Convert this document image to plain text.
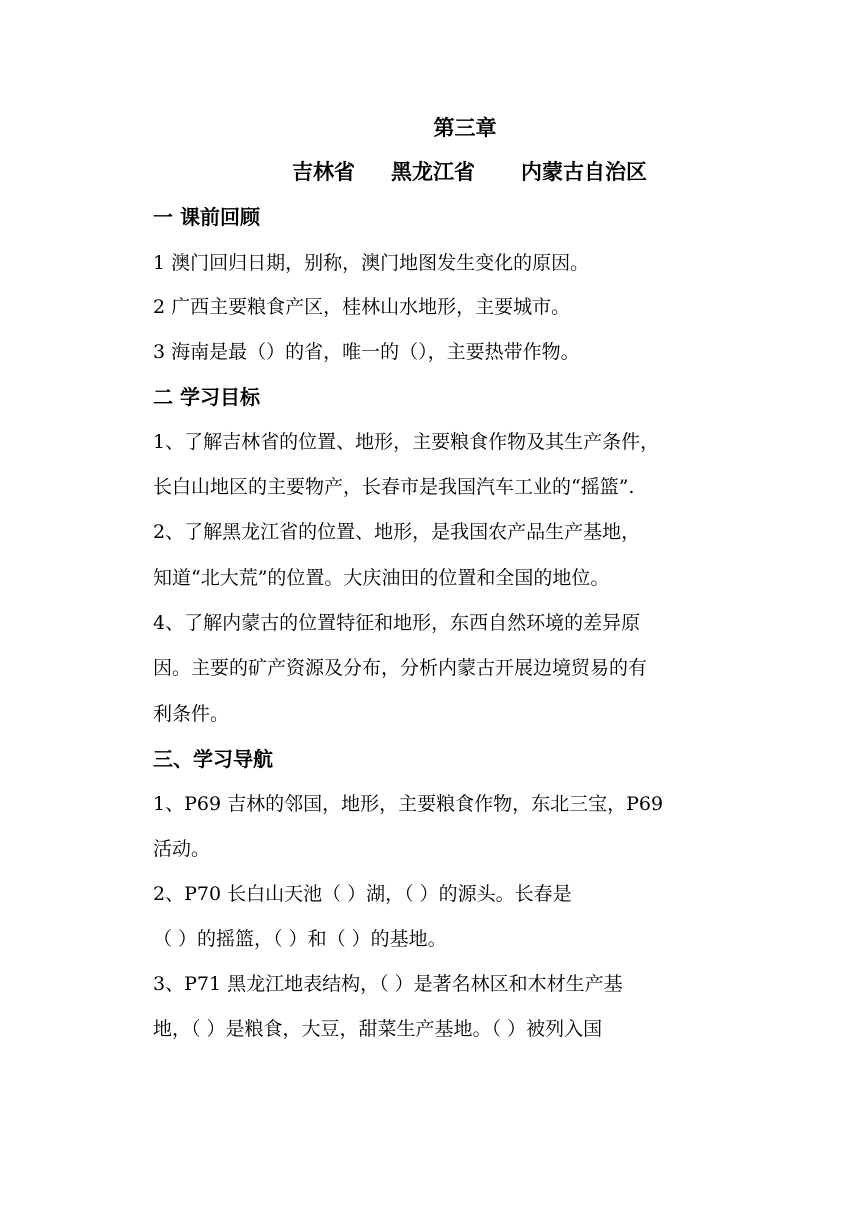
第三章
吉林省 黑龙江省 内蒙古自治区
一 课前回顾
1 澳门回归日期，别称，澳门地图发生变化的原因。
2 广西主要粮食产区，桂林山水地形，主要城市。
3 海南是最（）的省，唯一的（），主要热带作物。
二 学习目标
1、了解吉林省的位置、地形，主要粮食作物及其生产条件，
长白山地区的主要物产，长春市是我国汽车工业的“摇篮”.
2、了解黑龙江省的位置、地形，是我国农产品生产基地，
知道“北大荒”的位置。大庆油田的位置和全国的地位。
4、了解内蒙古的位置特征和地形，东西自然环境的差异原
因。主要的矿产资源及分布，分析内蒙古开展边境贸易的有
利条件。
三、学习导航
1、P69 吉林的邻国，地形，主要粮食作物，东北三宝，P69
活动。
2、P70 长白山天池（ ）湖，（ ）的源头。长春是
（ ）的摇篮，（ ）和（ ）的基地。
3、P71 黑龙江地表结构，（ ）是著名林区和木材生产基
地，（ ）是粮食，大豆，甜菜生产基地。（ ）被列入国
